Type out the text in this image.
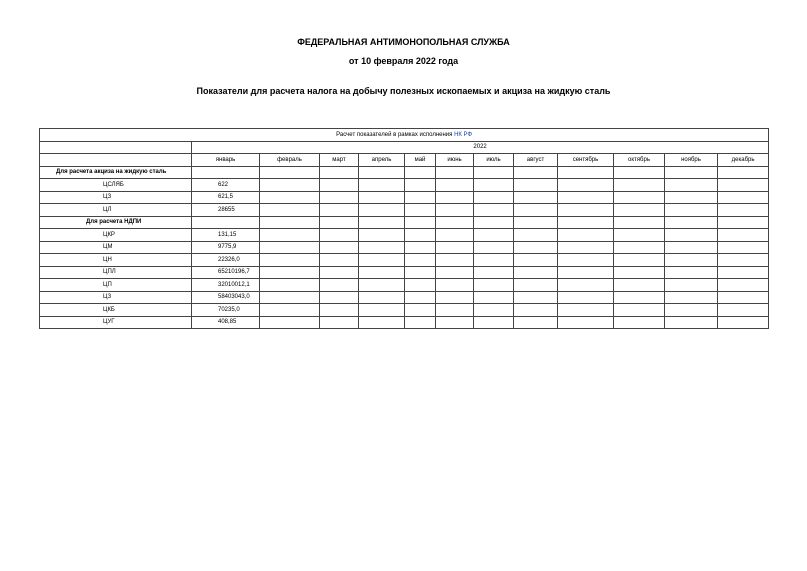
ФЕДЕРАЛЬНАЯ АНТИМОНОПОЛЬНАЯ СЛУЖБА
от 10 февраля 2022 года
Показатели для расчета налога на добычу полезных ископаемых и акциза на жидкую сталь
Расчет показателей в рамках исполнения НК РФ												
	2022											
	январь	февраль	март	апрель	май	июнь	июль	август	сентябрь	октябрь	ноябрь	декабрь
Для расчета акциза на жидкую сталь												
ЦСЛЯБ	622											
ЦЗ	621,5											
ЦЛ	28655											
Для расчета НДПИ												
ЦКР	131,15											
ЦМ	9775,9											
ЦН	22326,0											
ЦПЛ	65210196,7											
ЦП	32010012,1											
ЦЗ	58403043,0											
ЦКБ	70235,0											
ЦУГ	408,85											
